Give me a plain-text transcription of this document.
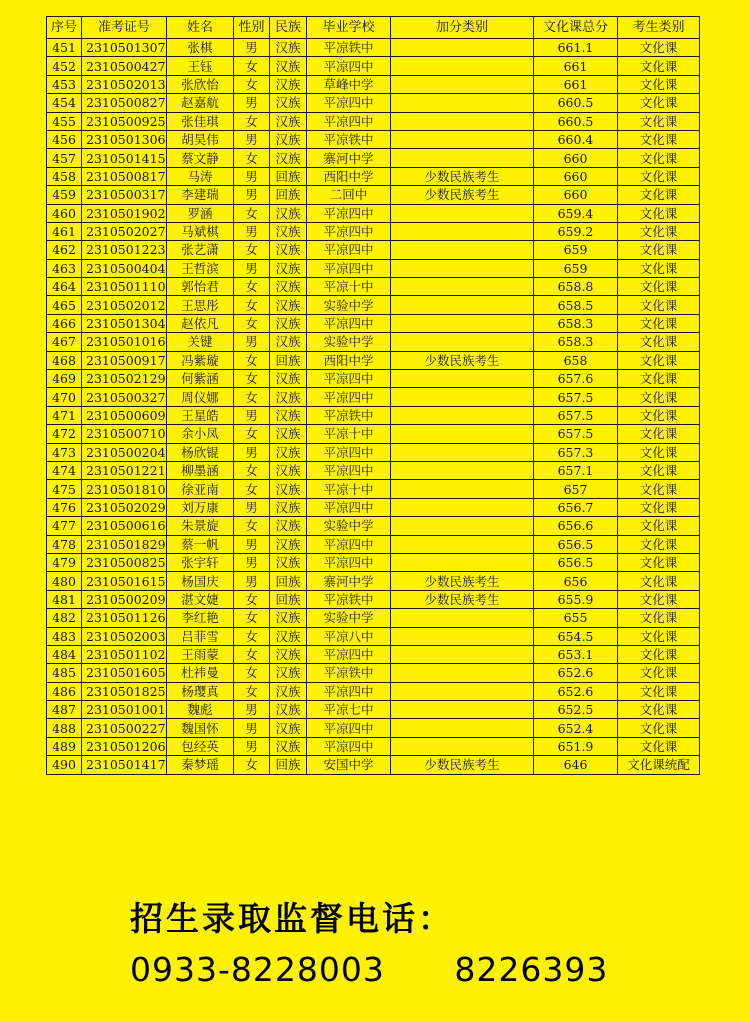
序号	准考证号	姓名	性别	民族	毕业学校	加分类别	文化课总分	考生类别
451	2310501307	张棋	男	汉族	平凉铁中		661.1	文化课
452	2310500427	王钰	女	汉族	平凉四中		661	文化课
453	2310502013	张欣怡	女	汉族	草峰中学		661	文化课
454	2310500827	赵嘉航	男	汉族	平凉四中		660.5	文化课
455	2310500925	张佳琪	女	汉族	平凉四中		660.5	文化课
456	2310501306	胡昊伟	男	汉族	平凉铁中		660.4	文化课
457	2310501415	蔡文静	女	汉族	寨河中学		660	文化课
458	2310500817	马涛	男	回族	西阳中学	少数民族考生	660	文化课
459	2310500317	李建瑞	男	回族	二回中	少数民族考生	660	文化课
460	2310501902	罗涵	女	汉族	平凉四中		659.4	文化课
461	2310502027	马斌棋	男	汉族	平凉四中		659.2	文化课
462	2310501223	张艺潇	女	汉族	平凉四中		659	文化课
463	2310500404	王哲滨	男	汉族	平凉四中		659	文化课
464	2310501110	郭怡君	女	汉族	平凉十中		658.8	文化课
465	2310502012	王思彤	女	汉族	实验中学		658.5	文化课
466	2310501304	赵依凡	女	汉族	平凉四中		658.3	文化课
467	2310501016	关键	男	汉族	实验中学		658.3	文化课
468	2310500917	冯紫璇	女	回族	西阳中学	少数民族考生	658	文化课
469	2310502129	何紫涵	女	汉族	平凉四中		657.6	文化课
470	2310500327	周仪娜	女	汉族	平凉四中		657.5	文化课
471	2310500609	王星皓	男	汉族	平凉铁中		657.5	文化课
472	2310500710	余小凤	女	汉族	平凉十中		657.5	文化课
473	2310500204	杨欣锟	男	汉族	平凉四中		657.3	文化课
474	2310501221	柳墨涵	女	汉族	平凉四中		657.1	文化课
475	2310501810	徐亚南	女	汉族	平凉十中		657	文化课
476	2310502029	刘万康	男	汉族	平凉四中		656.7	文化课
477	2310500616	朱景旋	女	汉族	实验中学		656.6	文化课
478	2310501829	蔡一帆	男	汉族	平凉四中		656.5	文化课
479	2310500825	张宇轩	男	汉族	平凉四中		656.5	文化课
480	2310501615	杨国庆	男	回族	寨河中学	少数民族考生	656	文化课
481	2310500209	湛文婕	女	回族	平凉铁中	少数民族考生	655.9	文化课
482	2310501126	李红艳	女	汉族	实验中学		655	文化课
483	2310502003	吕菲雪	女	汉族	平凉八中		654.5	文化课
484	2310501102	王雨蒙	女	汉族	平凉四中		653.1	文化课
485	2310501605	杜祎曼	女	汉族	平凉铁中		652.6	文化课
486	2310501825	杨璎真	女	汉族	平凉四中		652.6	文化课
487	2310501001	魏彪	男	汉族	平凉七中		652.5	文化课
488	2310500227	魏国怀	男	汉族	平凉四中		652.4	文化课
489	2310501206	包经英	男	汉族	平凉四中		651.9	文化课
490	2310501417	秦梦瑶	女	回族	安国中学	少数民族考生	646	文化课统配
招生录取监督电话：
0933-8228003 8226393
